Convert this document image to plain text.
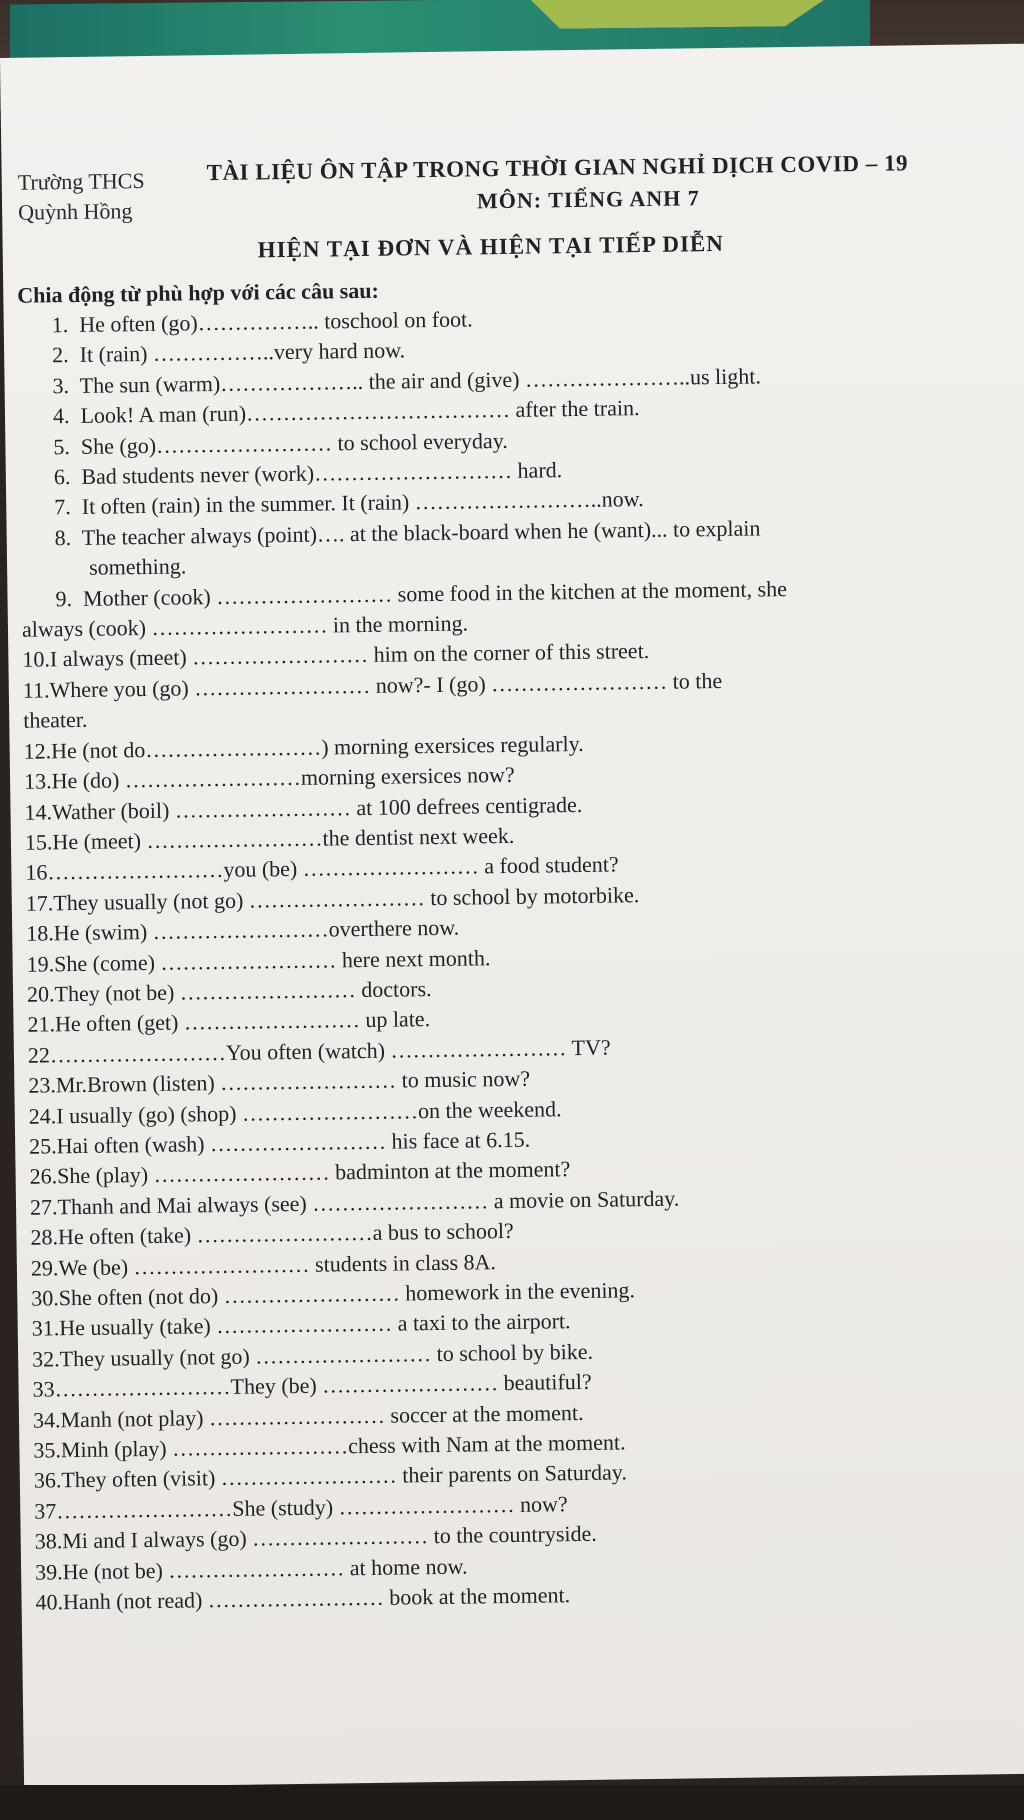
Trường THCS
Quỳnh Hồng
TÀI LIỆU ÔN TẬP TRONG THỜI GIAN NGHỈ DỊCH COVID – 19
MÔN: TIẾNG ANH 7
HIỆN TẠI ĐƠN VÀ HIỆN TẠI TIẾP DIỄN
Chia động từ phù hợp với các câu sau:
1.  He often (go)…………….. toschool on foot.
2.  It (rain) ……………..very hard now.
3.  The sun (warm)……………….. the air and (give) …………………..us light.
4.  Look! A man (run)……………………………… after the train.
5.  She (go)…………………… to school everyday.
6.  Bad students never (work)……………………… hard.
7.  It often (rain) in the summer. It (rain) ……………………..now.
8.  The teacher always (point)…. at the black-board when he (want)... to explain
something.
9.  Mother (cook) …………………… some food in the kitchen at the moment, she
always (cook) …………………… in the morning.
10.I always (meet) …………………… him on the corner of this street.
11.Where you (go) …………………… now?- I (go) …………………… to the
theater.
12.He (not do……………………) morning exersices regularly.
13.He (do) ……………………morning exersices now?
14.Wather (boil) …………………… at 100 defrees centigrade.
15.He (meet) ……………………the dentist next week.
16……………………you (be) …………………… a food student?
17.They usually (not go) …………………… to school by motorbike.
18.He (swim) ……………………overthere now.
19.She (come) …………………… here next month.
20.They (not be) …………………… doctors.
21.He often (get) …………………… up late.
22……………………You often (watch) …………………… TV?
23.Mr.Brown (listen) …………………… to music now?
24.I usually (go) (shop) ……………………on the weekend.
25.Hai often (wash) …………………… his face at 6.15.
26.She (play) …………………… badminton at the moment?
27.Thanh and Mai always (see) …………………… a movie on Saturday.
28.He often (take) ……………………a bus to school?
29.We (be) …………………… students in class 8A.
30.She often (not do) …………………… homework in the evening.
31.He usually (take) …………………… a taxi to the airport.
32.They usually (not go) …………………… to school by bike.
33……………………They (be) …………………… beautiful?
34.Manh (not play) …………………… soccer at the moment.
35.Minh (play) ……………………chess with Nam at the moment.
36.They often (visit) …………………… their parents on Saturday.
37……………………She (study) …………………… now?
38.Mi and I always (go) …………………… to the countryside.
39.He (not be) …………………… at home now.
40.Hanh (not read) …………………… book at the moment.
